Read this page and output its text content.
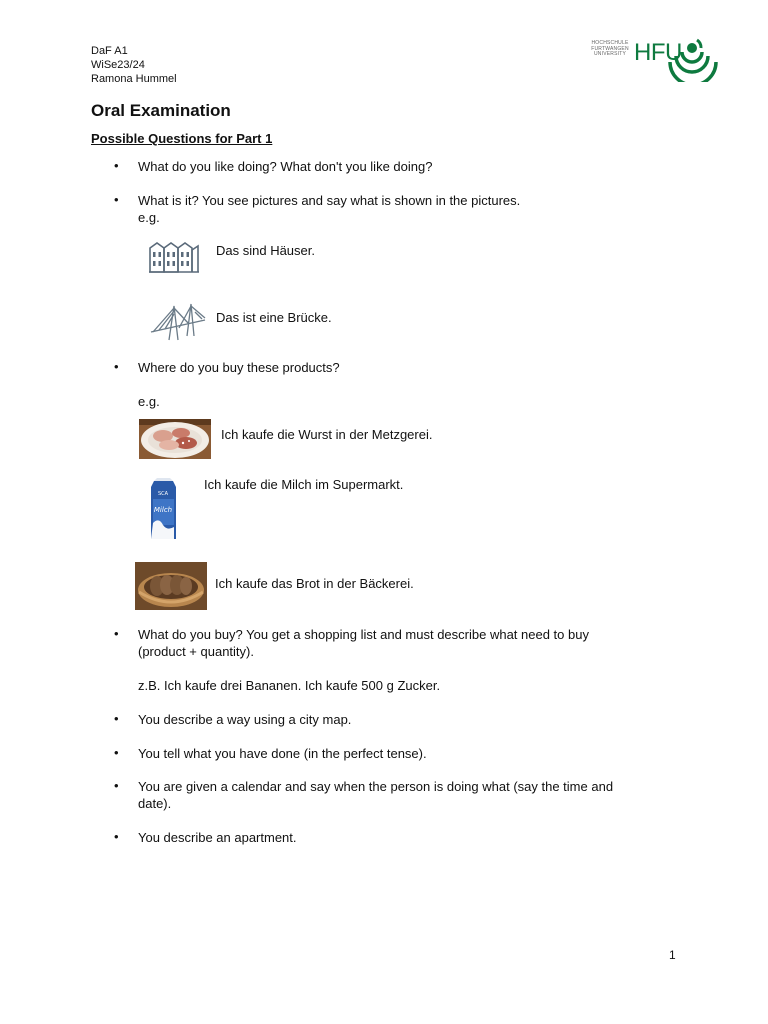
DaF A1
WiSe23/24
Ramona Hummel
HOCHSCHULE
FURTWANGEN
UNIVERSITY HFU
Oral Examination
Possible Questions for Part 1
• What do you like doing? What don't you like doing?
• What is it? You see pictures and say what is shown in the pictures.
e.g.
Das sind Häuser.
Das ist eine Brücke.
• Where do you buy these products?
e.g.
Ich kaufe die Wurst in der Metzgerei.
SCA
Milch
Ich kaufe die Milch im Supermarkt.
Ich kaufe das Brot in der Bäckerei.
• What do you buy? You get a shopping list and must describe what need to buy
(product + quantity).
z.B. Ich kaufe drei Bananen. Ich kaufe 500 g Zucker.
• You describe a way using a city map.
• You tell what you have done (in the perfect tense).
• You are given a calendar and say when the person is doing what (say the time and
date).
• You describe an apartment.
1
